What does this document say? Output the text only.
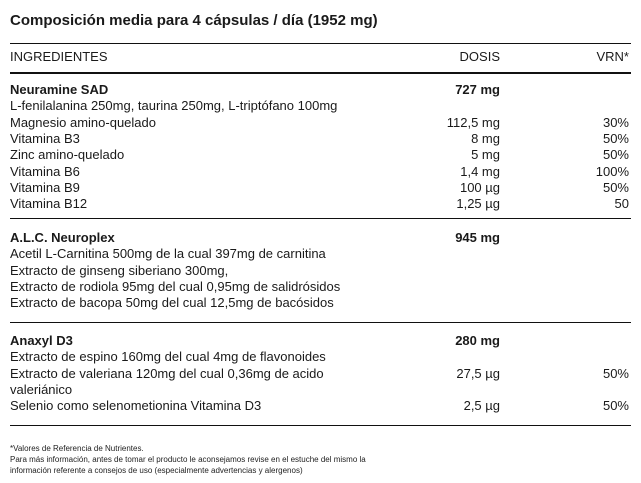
Composición media para 4 cápsulas / día (1952 mg)
INGREDIENTES	DOSIS	VRN*
Neuramine SAD	727 mg
L-fenilalanina 250mg, taurina 250mg, L-triptófano 100mg
Magnesio amino-quelado	112,5 mg	30%
Vitamina B3	8 mg	50%
Zinc amino-quelado	5 mg	50%
Vitamina B6	1,4 mg	100%
Vitamina B9	100 µg	50%
Vitamina B12	1,25 µg	50
A.L.C. Neuroplex	945 mg
Acetil L-Carnitina 500mg de la cual 397mg de carnitina
Extracto de ginseng siberiano 300mg,
Extracto de rodiola 95mg del cual 0,95mg de salidrósidos
Extracto de bacopa 50mg del cual 12,5mg de bacósidos
Anaxyl D3	280 mg
Extracto de espino 160mg del cual 4mg de flavonoides
Extracto de valeriana 120mg del cual 0,36mg de acido	27,5 µg	50%
valeriánico
Selenio como selenometionina Vitamina D3	2,5 µg	50%
*Valores de Referencia de Nutrientes.
Para más información, antes de tomar el producto le aconsejamos revise en el estuche del mismo la
información referente a consejos de uso (especialmente advertencias y alergenos)
